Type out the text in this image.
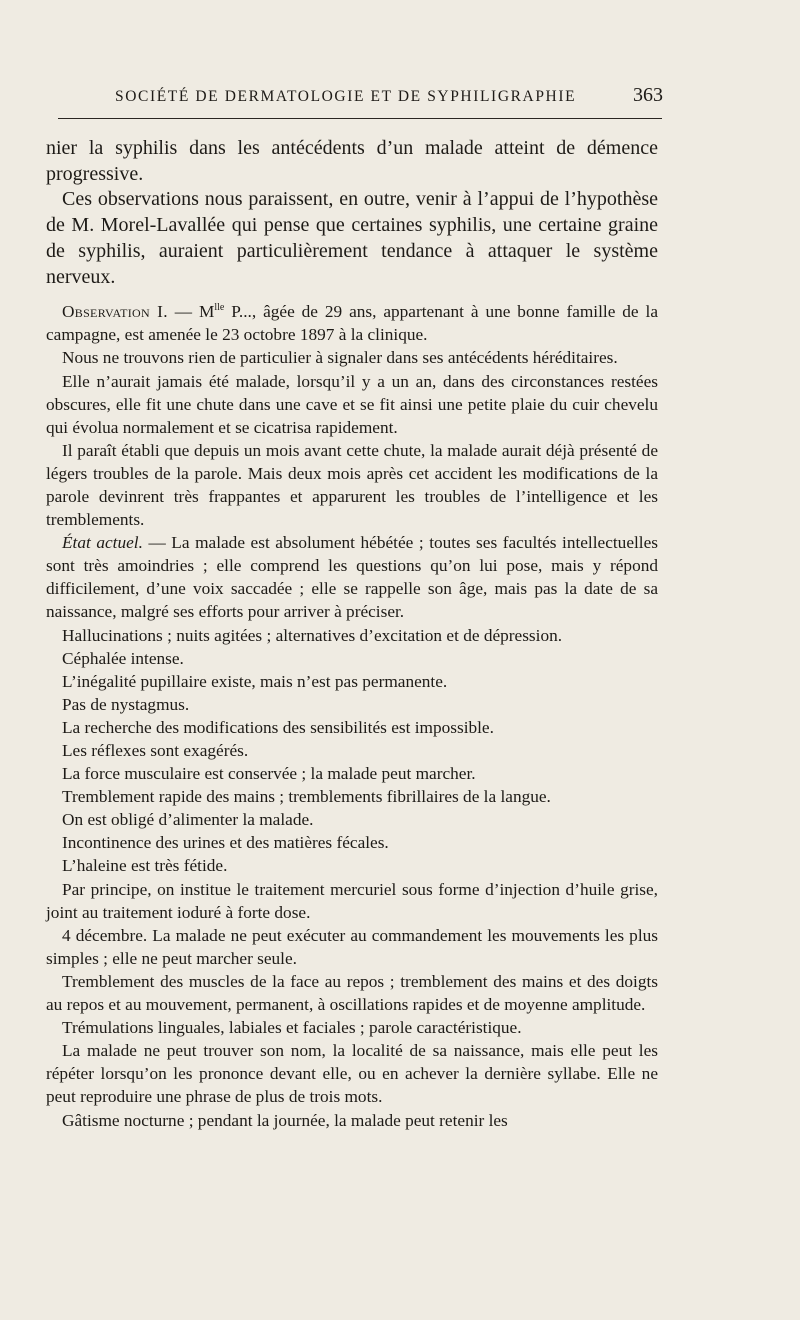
SOCIÉTÉ DE DERMATOLOGIE ET DE SYPHILIGRAPHIE	363

nier la syphilis dans les antécédents d’un malade atteint de démence progressive.

Ces observations nous paraissent, en outre, venir à l’appui de l’hypothèse de M. Morel-Lavallée qui pense que certaines syphilis, une certaine graine de syphilis, auraient particulièrement tendance à attaquer le système nerveux.

Observation I. — $M^{lle}$ P..., âgée de 29 ans, appartenant à une bonne famille de la campagne, est amenée le 23 octobre 1897 à la clinique.

Nous ne trouvons rien de particulier à signaler dans ses antécédents héréditaires.

Elle n’aurait jamais été malade, lorsqu’il y a un an, dans des circonstances restées obscures, elle fit une chute dans une cave et se fit ainsi une petite plaie du cuir chevelu qui évolua normalement et se cicatrisa rapidement.

Il paraît établi que depuis un mois avant cette chute, la malade aurait déjà présenté de légers troubles de la parole. Mais deux mois après cet accident les modifications de la parole devinrent très frappantes et apparurent les troubles de l’intelligence et les tremblements.

État actuel. — La malade est absolument hébétée ; toutes ses facultés intellectuelles sont très amoindries ; elle comprend les questions qu’on lui pose, mais y répond difficilement, d’une voix saccadée ; elle se rappelle son âge, mais pas la date de sa naissance, malgré ses efforts pour arriver à préciser.

Hallucinations ; nuits agitées ; alternatives d’excitation et de dépression.

Céphalée intense.

L’inégalité pupillaire existe, mais n’est pas permanente.

Pas de nystagmus.

La recherche des modifications des sensibilités est impossible.

Les réflexes sont exagérés.

La force musculaire est conservée ; la malade peut marcher.

Tremblement rapide des mains ; tremblements fibrillaires de la langue.

On est obligé d’alimenter la malade.

Incontinence des urines et des matières fécales.

L’haleine est très fétide.

Par principe, on institue le traitement mercuriel sous forme d’injection d’huile grise, joint au traitement ioduré à forte dose.

4 décembre. La malade ne peut exécuter au commandement les mouvements les plus simples ; elle ne peut marcher seule.

Tremblement des muscles de la face au repos ; tremblement des mains et des doigts au repos et au mouvement, permanent, à oscillations rapides et de moyenne amplitude.

Trémulations linguales, labiales et faciales ; parole caractéristique.

La malade ne peut trouver son nom, la localité de sa naissance, mais elle peut les répéter lorsqu’on les prononce devant elle, ou en achever la dernière syllabe. Elle ne peut reproduire une phrase de plus de trois mots.

Gâtisme nocturne ; pendant la journée, la malade peut retenir les
